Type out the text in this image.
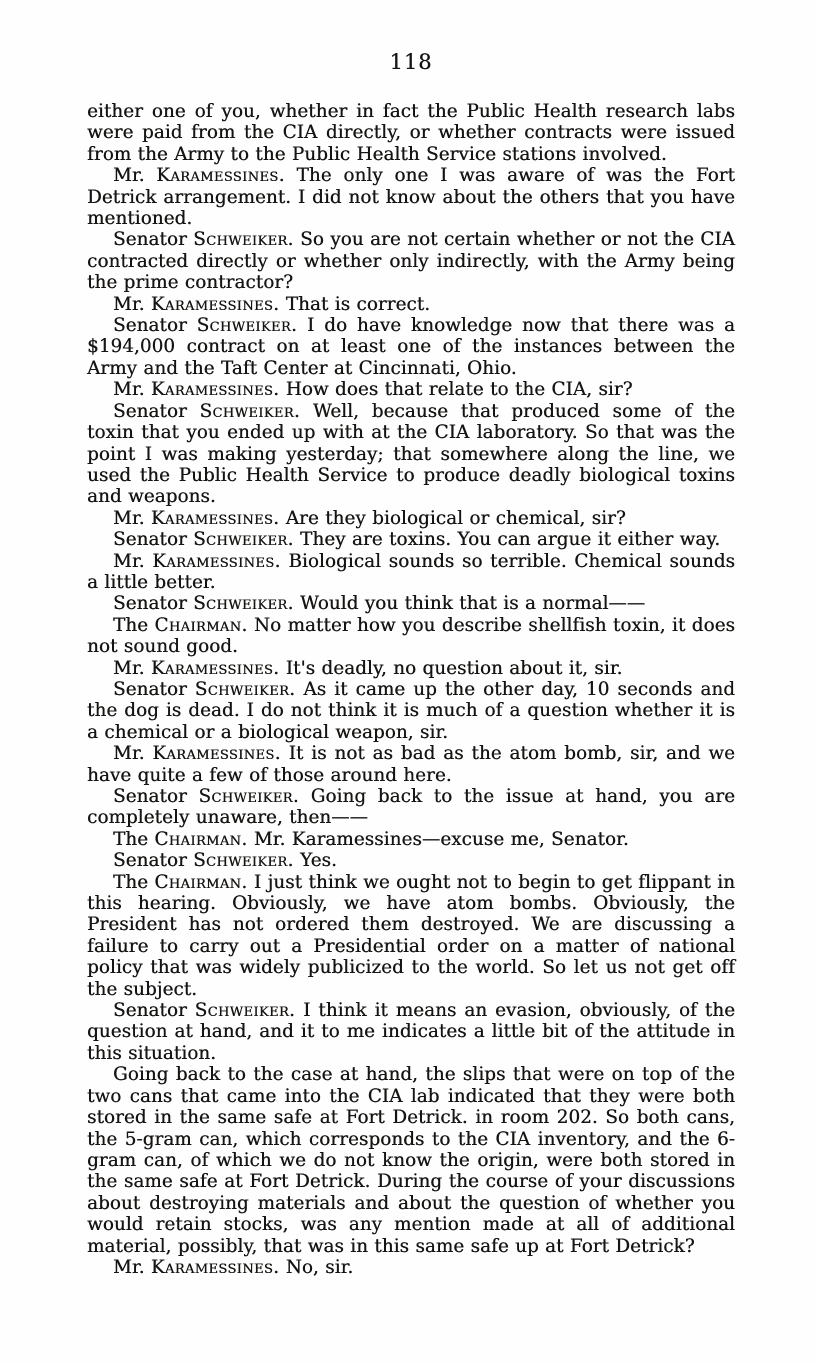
118

either one of you, whether in fact the Public Health research labs were paid from the CIA directly, or whether contracts were issued from the Army to the Public Health Service stations involved.

Mr. Karamessines. The only one I was aware of was the Fort Detrick arrangement. I did not know about the others that you have mentioned.

Senator Schweiker. So you are not certain whether or not the CIA contracted directly or whether only indirectly, with the Army being the prime contractor?

Mr. Karamessines. That is correct.

Senator Schweiker. I do have knowledge now that there was a $194,000 contract on at least one of the instances between the Army and the Taft Center at Cincinnati, Ohio.

Mr. Karamessines. How does that relate to the CIA, sir?

Senator Schweiker. Well, because that produced some of the toxin that you ended up with at the CIA laboratory. So that was the point I was making yesterday; that somewhere along the line, we used the Public Health Service to produce deadly biological toxins and weapons.

Mr. Karamessines. Are they biological or chemical, sir?

Senator Schweiker. They are toxins. You can argue it either way.

Mr. Karamessines. Biological sounds so terrible. Chemical sounds a little better.

Senator Schweiker. Would you think that is a normal——

The Chairman. No matter how you describe shellfish toxin, it does not sound good.

Mr. Karamessines. It's deadly, no question about it, sir.

Senator Schweiker. As it came up the other day, 10 seconds and the dog is dead. I do not think it is much of a question whether it is a chemical or a biological weapon, sir.

Mr. Karamessines. It is not as bad as the atom bomb, sir, and we have quite a few of those around here.

Senator Schweiker. Going back to the issue at hand, you are completely unaware, then——

The Chairman. Mr. Karamessines—excuse me, Senator.

Senator Schweiker. Yes.

The Chairman. I just think we ought not to begin to get flippant in this hearing. Obviously, we have atom bombs. Obviously, the President has not ordered them destroyed. We are discussing a failure to carry out a Presidential order on a matter of national policy that was widely publicized to the world. So let us not get off the subject.

Senator Schweiker. I think it means an evasion, obviously, of the question at hand, and it to me indicates a little bit of the attitude in this situation.

Going back to the case at hand, the slips that were on top of the two cans that came into the CIA lab indicated that they were both stored in the same safe at Fort Detrick. in room 202. So both cans, the 5-gram can, which corresponds to the CIA inventory, and the 6-gram can, of which we do not know the origin, were both stored in the same safe at Fort Detrick. During the course of your discussions about destroying materials and about the question of whether you would retain stocks, was any mention made at all of additional material, possibly, that was in this same safe up at Fort Detrick?

Mr. Karamessines. No, sir.
